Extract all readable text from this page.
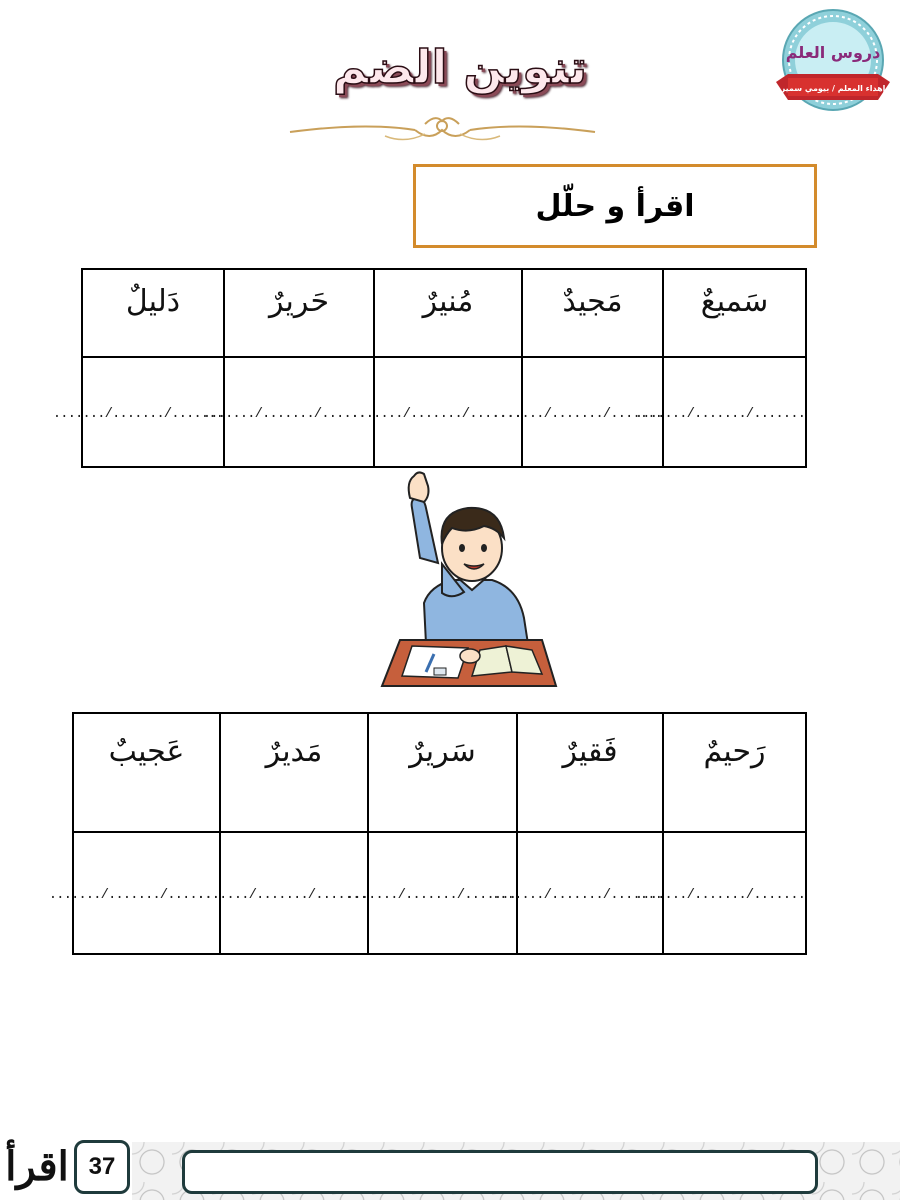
دروس العلم
إهداء المعلم / بيومي سمير
تنوين الضم
اقرأ و حلّل
سَميعٌ	مَجيدٌ	مُنيرٌ	حَريرٌ	دَليلٌ
......./......./.......	......./......./.......	......./......./.......	......./......./.......	......./......./.......
رَحيمٌ	فَقيرٌ	سَريرٌ	مَديرٌ	عَجيبٌ
......./......./.......	......./......./.......	......./......./.......	......./......./.......	......./......./.......
اقرأ 37
